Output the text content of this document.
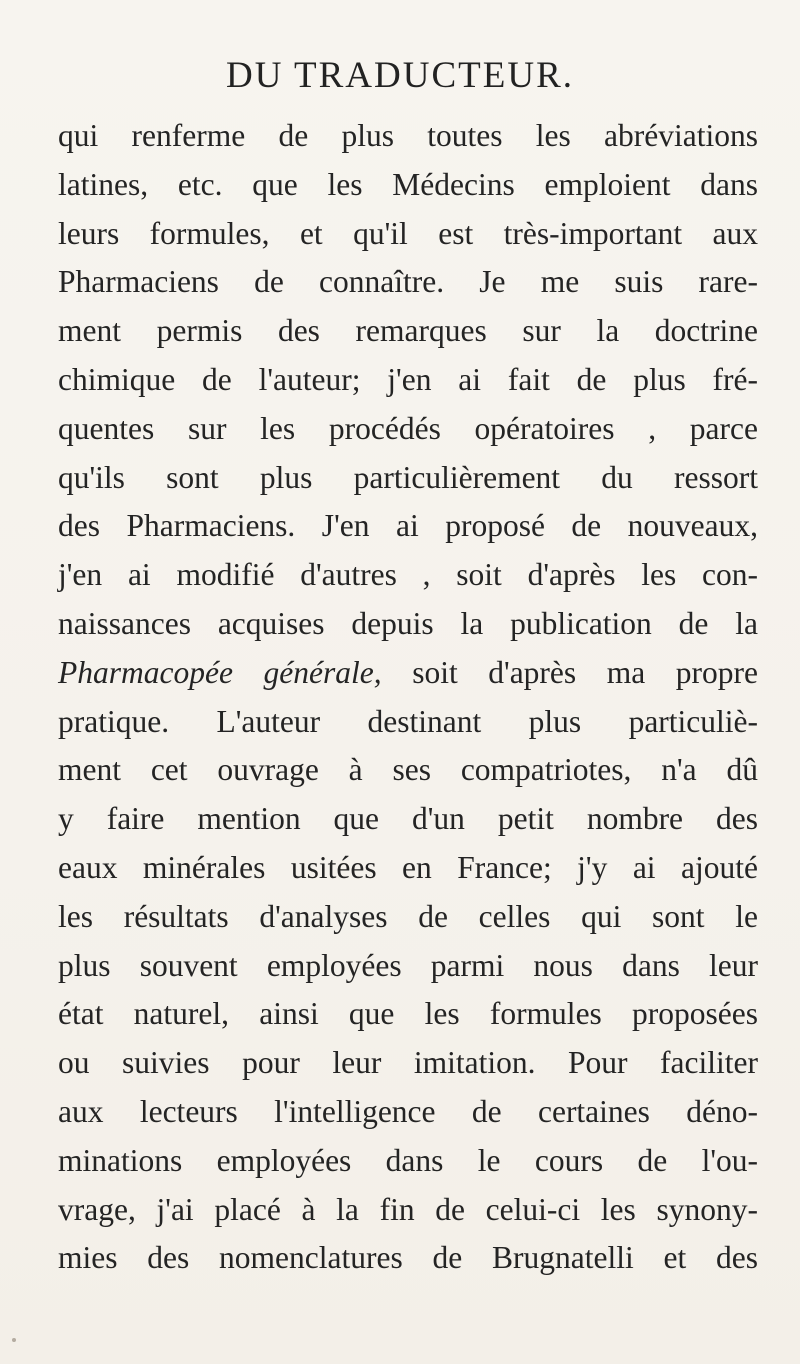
DU TRADUCTEUR.
qui renferme de plus toutes les abréviations
latines, etc. que les Médecins emploient dans
leurs formules, et qu'il est très-important aux
Pharmaciens de connaître. Je me suis rare-
ment permis des remarques sur la doctrine
chimique de l'auteur; j'en ai fait de plus fré-
quentes sur les procédés opératoires , parce
qu'ils sont plus particulièrement du ressort
des Pharmaciens. J'en ai proposé de nouveaux,
j'en ai modifié d'autres , soit d'après les con-
naissances acquises depuis la publication de la
Pharmacopée générale, soit d'après ma propre
pratique. L'auteur destinant plus particuliè-
ment cet ouvrage à ses compatriotes, n'a dû
y faire mention que d'un petit nombre des
eaux minérales usitées en France; j'y ai ajouté
les résultats d'analyses de celles qui sont le
plus souvent employées parmi nous dans leur
état naturel, ainsi que les formules proposées
ou suivies pour leur imitation. Pour faciliter
aux lecteurs l'intelligence de certaines déno-
minations employées dans le cours de l'ou-
vrage, j'ai placé à la fin de celui-ci les synony-
mies des nomenclatures de Brugnatelli et des
